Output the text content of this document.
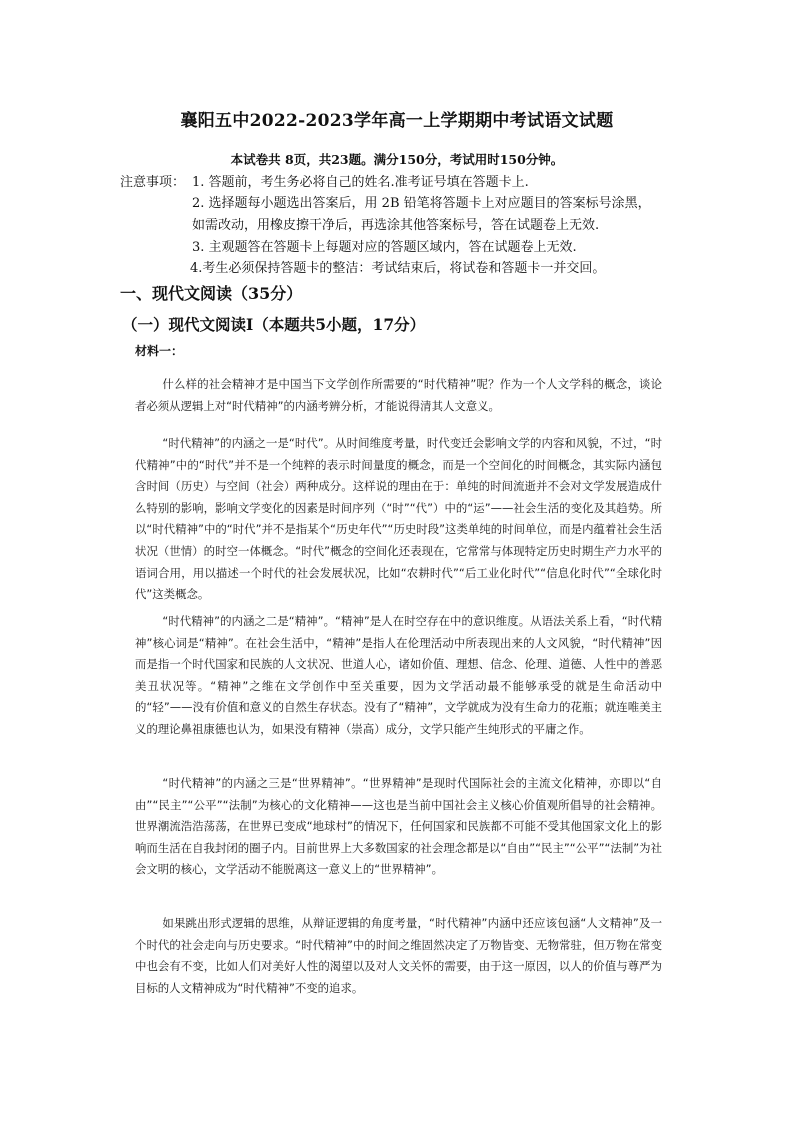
襄阳五中2022-2023学年高一上学期期中考试语文试题
本试卷共 8页，共23题。满分150分，考试用时150分钟。
注意事项： 1. 答题前，考生务必将自己的姓名.准考证号填在答题卡上.
2. 选择题每小题选出答案后，用 2B 铅笔将答题卡上对应题目的答案标号涂黑，如需改动，用橡皮擦干净后，再选涂其他答案标号，答在试题卷上无效.
3. 主观题答在答题卡上每题对应的答题区域内，答在试题卷上无效.
4.考生必须保持答题卡的整洁：考试结束后，将试卷和答题卡一并交回。
一、现代文阅读（35分）
（一）现代文阅读Ⅰ（本题共5小题，17分）
材料一：

什么样的社会精神才是中国当下文学创作所需要的“时代精神”呢？作为一个人文学科的概念，谈论者必须从逻辑上对“时代精神”的内涵考辨分析，才能说得清其人文意义。

“时代精神”的内涵之一是“时代”。从时间维度考量，时代变迁会影响文学的内容和风貌，不过，“时代精神”中的“时代”并不是一个纯粹的表示时间量度的概念，而是一个空间化的时间概念，其实际内涵包含时间（历史）与空间（社会）两种成分。这样说的理由在于：单纯的时间流逝并不会对文学发展造成什么特别的影响，影响文学变化的因素是时间序列（“时”“代”）中的“运”——社会生活的变化及其趋势。所以“时代精神”中的“时代”并不是指某个“历史年代”“历史时段”这类单纯的时间单位，而是内蕴着社会生活状况（世情）的时空一体概念。“时代”概念的空间化还表现在，它常常与体现特定历史时期生产力水平的语词合用，用以描述一个时代的社会发展状况，比如“农耕时代”“后工业化时代”“信息化时代”“全球化时代”这类概念。

“时代精神”的内涵之二是“精神”。“精神”是人在时空存在中的意识维度。从语法关系上看，“时代精神”核心词是“精神”。在社会生活中，“精神”是指人在伦理活动中所表现出来的人文风貌，“时代精神”因而是指一个时代国家和民族的人文状况、世道人心，诸如价值、理想、信念、伦理、道德、人性中的善恶美丑状况等。“精神”之维在文学创作中至关重要，因为文学活动最不能够承受的就是生命活动中的“轻”——没有价值和意义的自然生存状态。没有了“精神”，文学就成为没有生命力的花瓶；就连唯美主义的理论鼻祖康德也认为，如果没有精神（崇高）成分，文学只能产生纯形式的平庸之作。

“时代精神”的内涵之三是“世界精神”。“世界精神”是现时代国际社会的主流文化精神，亦即以“自由”“民主”“公平”“法制”为核心的文化精神——这也是当前中国社会主义核心价值观所倡导的社会精神。世界潮流浩浩荡荡，在世界已变成“地球村”的情况下，任何国家和民族都不可能不受其他国家文化上的影响而生活在自我封闭的圈子内。目前世界上大多数国家的社会理念都是以“自由”“民主”“公平”“法制”为社会文明的核心，文学活动不能脱离这一意义上的“世界精神”。

如果跳出形式逻辑的思维，从辩证逻辑的角度考量，“时代精神”内涵中还应该包涵“人文精神”及一个时代的社会走向与历史要求。“时代精神”中的时间之维固然决定了万物皆变、无物常驻，但万物在常变中也会有不变，比如人们对美好人性的渴望以及对人文关怀的需要，由于这一原因，以人的价值与尊严为目标的人文精神成为“时代精神”不变的追求。
